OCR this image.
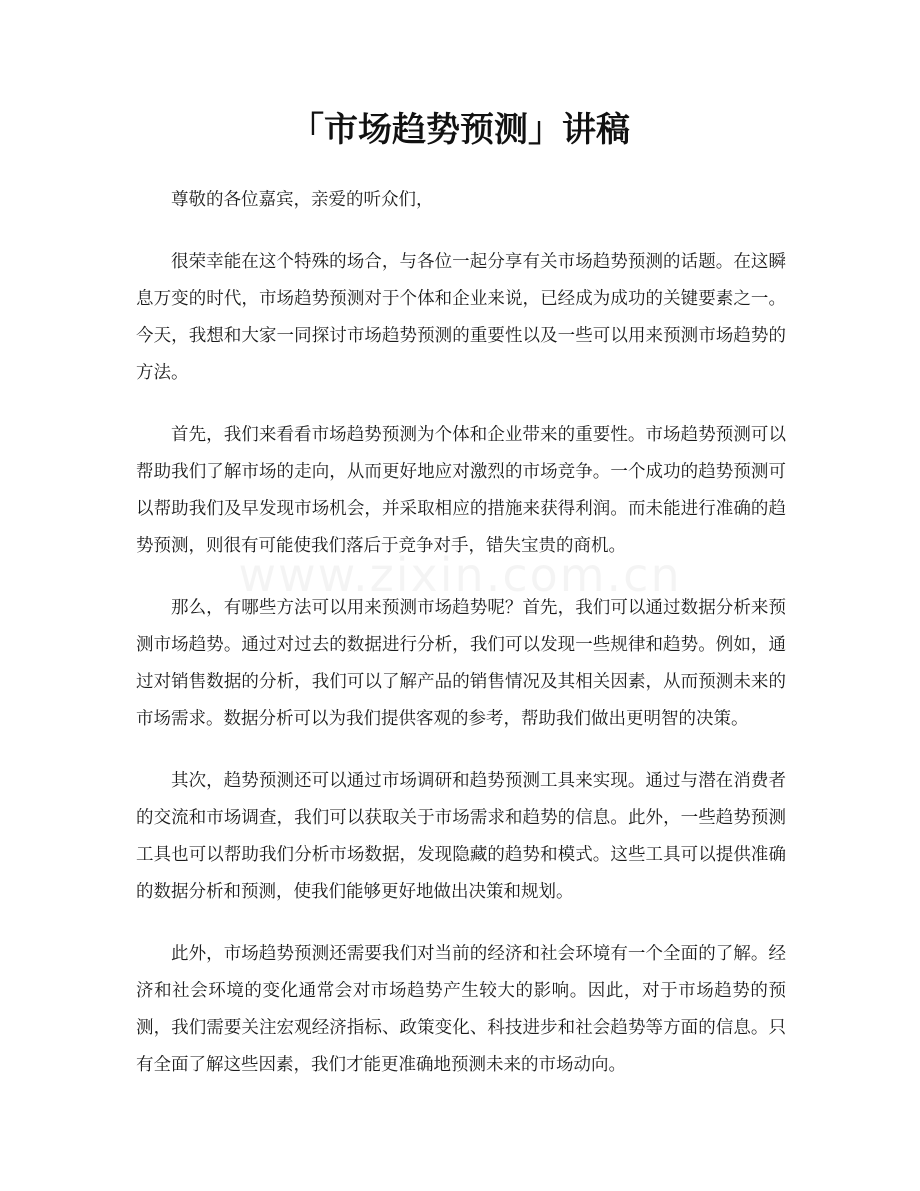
「市场趋势预测」讲稿

尊敬的各位嘉宾，亲爱的听众们，

很荣幸能在这个特殊的场合，与各位一起分享有关市场趋势预测的话题。在这瞬息万变的时代，市场趋势预测对于个体和企业来说，已经成为成功的关键要素之一。今天，我想和大家一同探讨市场趋势预测的重要性以及一些可以用来预测市场趋势的方法。

首先，我们来看看市场趋势预测为个体和企业带来的重要性。市场趋势预测可以帮助我们了解市场的走向，从而更好地应对激烈的市场竞争。一个成功的趋势预测可以帮助我们及早发现市场机会，并采取相应的措施来获得利润。而未能进行准确的趋势预测，则很有可能使我们落后于竞争对手，错失宝贵的商机。

那么，有哪些方法可以用来预测市场趋势呢？首先，我们可以通过数据分析来预测市场趋势。通过对过去的数据进行分析，我们可以发现一些规律和趋势。例如，通过对销售数据的分析，我们可以了解产品的销售情况及其相关因素，从而预测未来的市场需求。数据分析可以为我们提供客观的参考，帮助我们做出更明智的决策。

其次，趋势预测还可以通过市场调研和趋势预测工具来实现。通过与潜在消费者的交流和市场调查，我们可以获取关于市场需求和趋势的信息。此外，一些趋势预测工具也可以帮助我们分析市场数据，发现隐藏的趋势和模式。这些工具可以提供准确的数据分析和预测，使我们能够更好地做出决策和规划。

此外，市场趋势预测还需要我们对当前的经济和社会环境有一个全面的了解。经济和社会环境的变化通常会对市场趋势产生较大的影响。因此，对于市场趋势的预测，我们需要关注宏观经济指标、政策变化、科技进步和社会趋势等方面的信息。只有全面了解这些因素，我们才能更准确地预测未来的市场动向。
